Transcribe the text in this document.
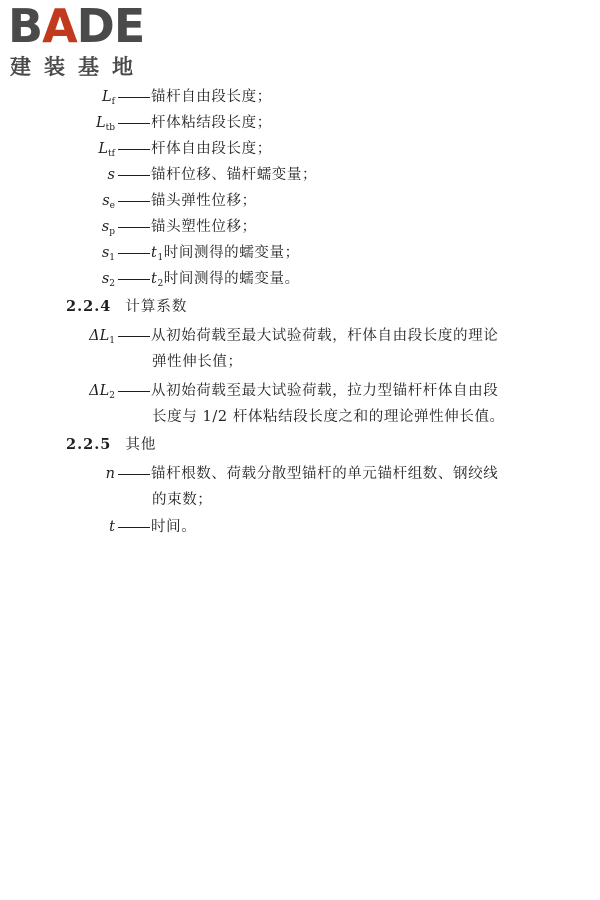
BADE
建装基地
$L_f$	锚杆自由段长度；
$L_{tb}$	杆体粘结段长度；
$L_{tf}$	杆体自由段长度；
s	锚杆位移、锚杆蠕变量；
$s_e$	锚头弹性位移；
$s_p$	锚头塑性位移；
$s_1$	$t_1$时间测得的蠕变量；
$s_2$	$t_2$时间测得的蠕变量。
2.2.4 计算系数
$\Delta L_1$	从初始荷载至最大试验荷载，杆体自由段长度的理论
弹性伸长值；
$\Delta L_2$	从初始荷载至最大试验荷载，拉力型锚杆杆体自由段
长度与 1/2 杆体粘结段长度之和的理论弹性伸长值。
2.2.5 其他
n	锚杆根数、荷载分散型锚杆的单元锚杆组数、钢绞线
的束数；
t	时间。
